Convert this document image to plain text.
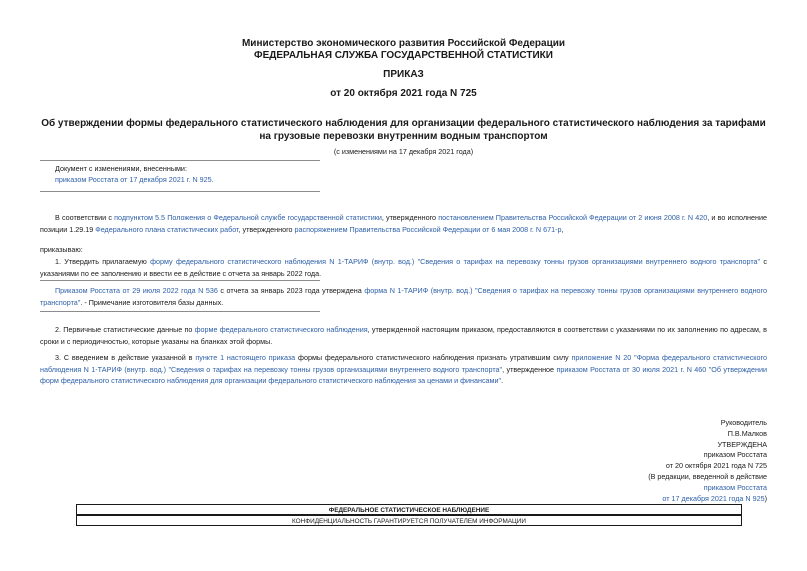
Министерство экономического развития Российской Федерации
ФЕДЕРАЛЬНАЯ СЛУЖБА ГОСУДАРСТВЕННОЙ СТАТИСТИКИ
ПРИКАЗ
от 20 октября 2021 года N 725
Об утверждении формы федерального статистического наблюдения для организации федерального статистического наблюдения за тарифами на грузовые перевозки внутренним водным транспортом
(с изменениями на 17 декабря 2021 года)
Документ с изменениями, внесенными:
приказом Росстата от 17 декабря 2021 г. N 925.
В соответствии с подпунктом 5.5 Положения о Федеральной службе государственной статистики, утвержденного постановлением Правительства Российской Федерации от 2 июня 2008 г. N 420, и во исполнение позиции 1.29.19 Федерального плана статистических работ, утвержденного распоряжением Правительства Российской Федерации от 6 мая 2008 г. N 671-р,
приказываю:
1. Утвердить прилагаемую форму федерального статистического наблюдения N 1-ТАРИФ (внутр. вод.) "Сведения о тарифах на перевозку тонны грузов организациями внутреннего водного транспорта" с указаниями по ее заполнению и ввести ее в действие с отчета за январь 2022 года.
Приказом Росстата от 29 июля 2022 года N 536 с отчета за январь 2023 года утверждена форма N 1-ТАРИФ (внутр. вод.) "Сведения о тарифах на перевозку тонны грузов организациями внутреннего водного транспорта". - Примечание изготовителя базы данных.
2. Первичные статистические данные по форме федерального статистического наблюдения, утвержденной настоящим приказом, предоставляются в соответствии с указаниями по их заполнению по адресам, в сроки и с периодичностью, которые указаны на бланках этой формы.
3. С введением в действие указанной в пункте 1 настоящего приказа формы федерального статистического наблюдения признать утратившим силу приложение N 20 "Форма федерального статистического наблюдения N 1-ТАРИФ (внутр. вод.) "Сведения о тарифах на перевозку тонны грузов организациями внутреннего водного транспорта", утвержденное приказом Росстата от 30 июля 2021 г. N 460 "Об утверждении форм федерального статистического наблюдения для организации федерального статистического наблюдения за ценами и финансами".
Руководитель
П.В.Малков
УТВЕРЖДЕНА
приказом Росстата
от 20 октября 2021 года N 725
(В редакции, введенной в действие
приказом Росстата
от 17 декабря 2021 года N 925)
ФЕДЕРАЛЬНОЕ СТАТИСТИЧЕСКОЕ НАБЛЮДЕНИЕ
КОНФИДЕНЦИАЛЬНОСТЬ ГАРАНТИРУЕТСЯ ПОЛУЧАТЕЛЕМ ИНФОРМАЦИИ
